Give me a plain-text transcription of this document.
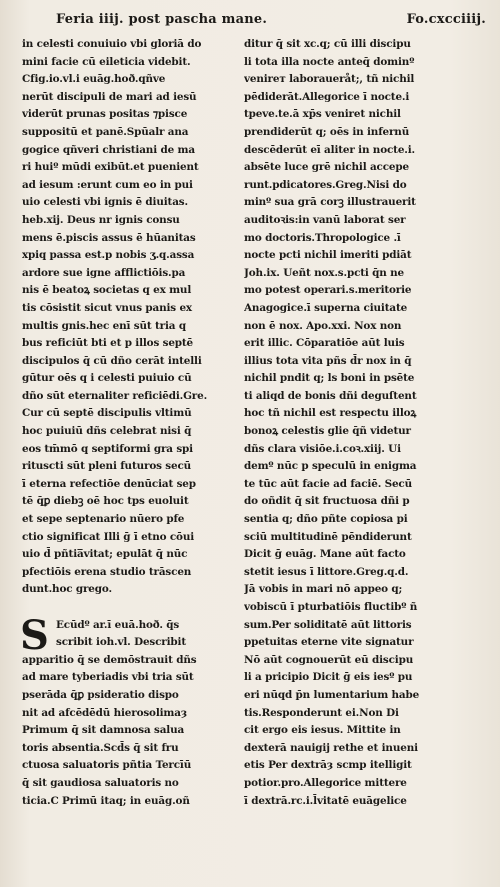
Feria iiij. post pascha mane.	Fo.cxcciiij.
in celesti conuiuio vbi gloriā do
mini facie cū eileticia videbit.
Cfig.io.vl.i euāg.hoð.qñve
nerūt discipuli de mari ad iesū
viderūt prunas positas ⁊pisce
suppositū et panē.Spūalr ana
gogice qñveri christiani de ma
ri huiº mūdi exibūt.et puenient
ad iesum :erunt cum eo in pui
uio celesti vbi ignis ē diuitas.
heb.xij. Deus nr ignis consu
mens ē.piscis assus ē hūanitas
xpiq passa est.p nobis ʒ.q.assa
ardore sue igne afflictiōis.pa
nis ē beatoꝝ societas q ex mul
tis cōsistit sicut vnus panis ex
multis gnis.hec enī sūt tria q
bus reficiūt bti et p illos septē
discipulos q̄ cū dño cerāt intelli
gūtur oēs q i celesti puiuio cū
dño sūt eternaliter reficiēdi.Gre.
Cur cū septē discipulis vltimū
hoc puiuiū dñs celebrat nisi q̄
eos tm̄mō q septiformi gra spi
rituscti sūt pleni futuros secū
ī eterna refectiōe denūciat sep
tē q̄ꝑ diebꝫ oē hoc tps euoluit
et sepe septenario nūero pfe
ctio significat Illi ḡ ī etno cōui
uio d̄ pñtia̅vitat; epulāt q̄ nūc
pfectiōis erena studio trāscen
dunt.hoc grego.
S Ecūdº ar.ī euā.hoð. q̄s
scribit ioh.vl. Describit
apparitio q̄ se demōstrauit dñs
ad mare tyberiadis vbi tria sūt
pserāda q̄ꝑ psideratio dispo
nit ad afcēdēdū hierosolimaȝ
Primum q̄ sit damnosa salua
toris absentia.Scd̄s q̄ sit fru
ctuosa saluatoris pñtia Tercīū
q̄ sit gaudiosa saluatoris no
ticia.C Primū itaq; in euāg.oñ
ditur q̄ sit xc.q; cū illi discipu
li tota illa nocte anteq̄ dominº
venirет laboraueråt;, tñ nichil
pēdiderāt.Allegorice ī nocte.i
tpeve.te.ā xp̄s veniret nichil
prendiderūt q; oēs in infernū
descēderūt eī aliter in nocte.i.
absēte luce grē nichil accepe
runt.pdicatores.Greg.Nisi do
minº sua grā corꝫ illustrauerit
auditoꝛis:in vanū laborat ser
mo doctoris.Thropologice .ī
nocte pcti nichil imeriti pdiāt
Joh.ix. Ueñt nox.s.pcti q̄n ne
mo potest operari.s.meritorie
Anagogice.ī superna ciuitate
non ē nox. Apo.xxi. Nox non
erit illic. Cōparatiōe aūt luis
illius tota vita pñs d̄r nox in q̄
nichil pndit q; ls boni in psēte
ti aliqd de bonis dñi deguſtent
hoc tñ nichil est respectu illoꝝ
bonoꝝ celestis glie q̄ñ videtur
dñs clara visiōe.i.coꝛ.xiij. Ui
demº nūc p speculū in enigma
te tūc aūt facie ad faciē. Secū
do oñdit q̄ sit fructuosa dñi p
sentia q; dño pñte copiosa pi
sciū multitudinē pēndiderunt
Dicit ḡ euāg. Mane aūt facto
stetit iesus ī littore.Greg.q.d.
Jā vobis in mari nō appeo q;
vobiscū ī pturbatiōis fluctibº ñ
sum.Per soliditatē aūt littoris
ppetuitas eterne vite signatur
Nō aūt cognouerūt eū discipu
li a pricipio Dicit ḡ eis iesº pu
eri nūqd p̄n lumentarium habe
tis.Responderunt ei.Non Di
cit ergo eis iesus. Mittite in
dexterā nauigij rethe et inueni
etis Per dextrāȝ scmp itelligit
potior.pro.Allegorice mittere
ī dextrā.rc.i.l̄vitatē euāgelice
